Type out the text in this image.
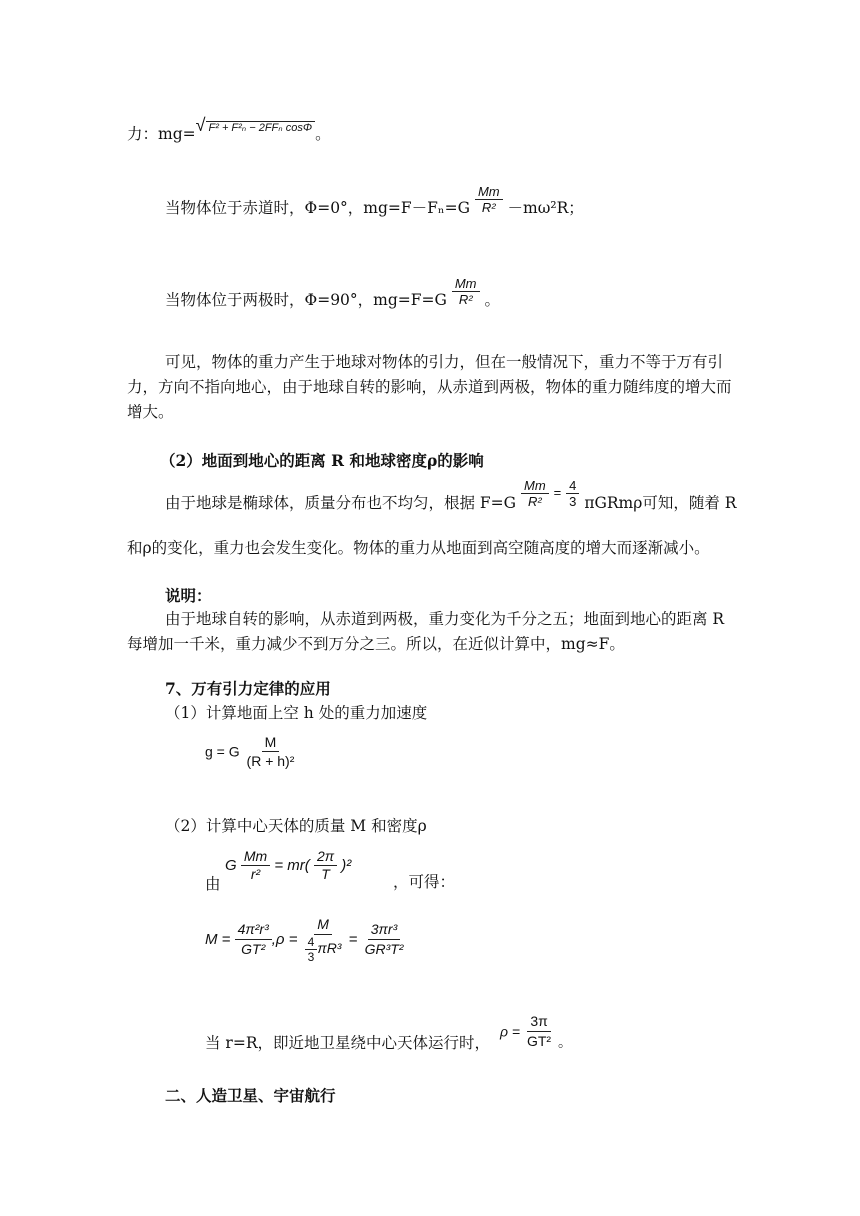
力：mg=√ F² + F²ₙ − 2FFₙ cosΦ 。
当物体位于赤道时，Φ=0°，$mg=F-F_n=G \frac{Mm}{\text{R²}} -m\omega^2R$；
当物体位于两极时，Φ=90°，$mg=F=G \frac{Mm}{\text{R²}}$ 。
可见，物体的重力产生于地球对物体的引力，但在一般情况下，重力不等于万有引力，方向不指向地心，由于地球自转的影响，从赤道到两极，物体的重力随纬度的增大而增大。
（2）地面到地心的距离 R 和地球密度ρ的影响
由于地球是椭球体，质量分布也不均匀，根据 $F=G \frac{Mm}{\text{R²}} ^= \frac{4}{3}$ πGRmρ可知，随着 R
和ρ的变化，重力也会发生变化。物体的重力从地面到高空随高度的增大而逐渐减小。
说明：
由于地球自转的影响，从赤道到两极，重力变化为千分之五；地面到地心的距离 R 每增加一千米，重力减少不到万分之三。所以，在近似计算中，mg≈F。
7、万有引力定律的应用
（1）计算地面上空 h 处的重力加速度
g = G $\frac{M}{\text{(R + h)²}}$
（2）计算中心天体的质量 M 和密度ρ
由
G $\frac{Mm}{\text{r²}} = mr( \frac{2\pi}{T} )^2$
，可得：
$M = \frac{\text{4π²r³}}{\text{GT²}} ,\rho = \frac{M}{\frac{4}{3} \pi R^3} = \frac{\text{3πr³}}{\text{GR³T²}}$
当 r=R，即近地卫星绕中心天体运行时，
$\rho = \frac{3\pi}{\text{GT²}}$ 。
二、人造卫星、宇宙航行
